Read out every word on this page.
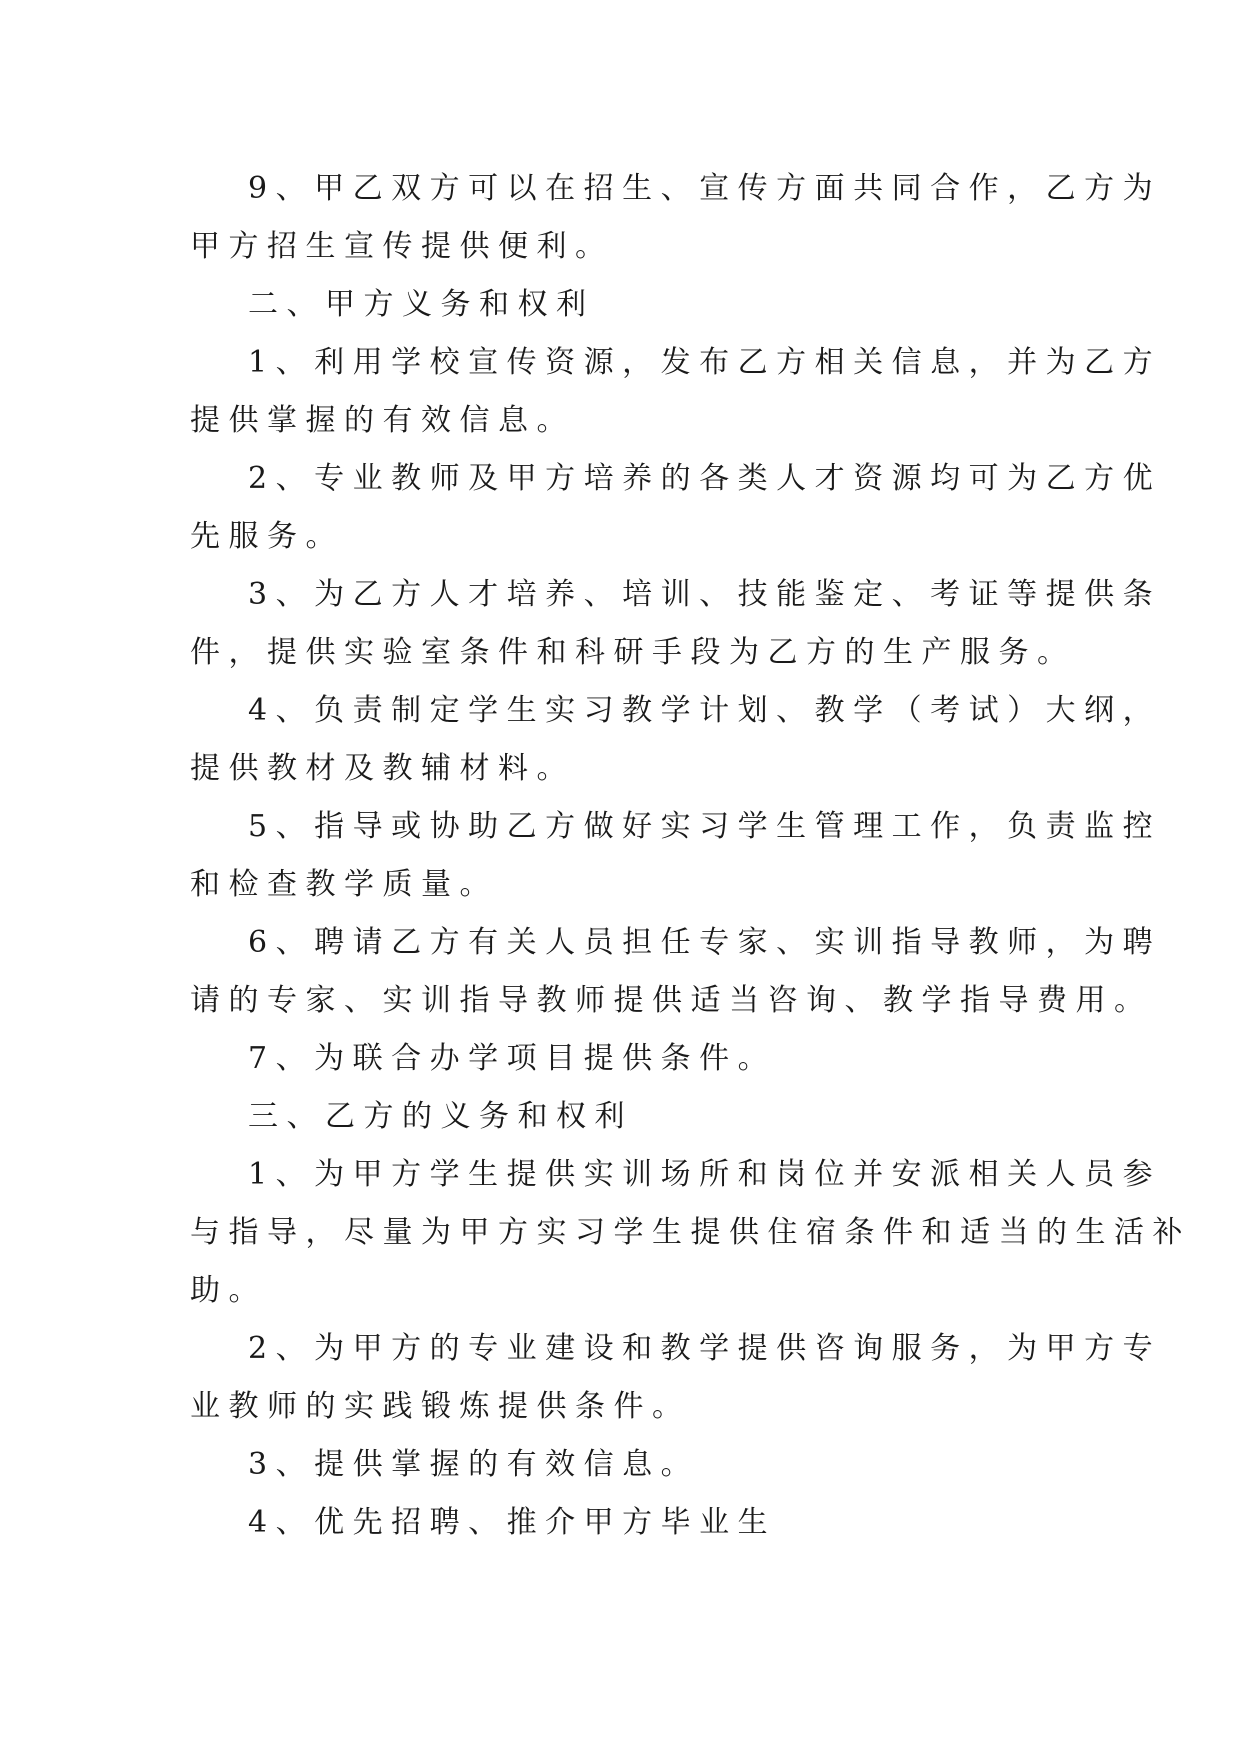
9、甲乙双方可以在招生、宣传方面共同合作，乙方为
甲方招生宣传提供便利。
二、甲方义务和权利
1、利用学校宣传资源，发布乙方相关信息，并为乙方
提供掌握的有效信息。
2、专业教师及甲方培养的各类人才资源均可为乙方优
先服务。
3、为乙方人才培养、培训、技能鉴定、考证等提供条
件，提供实验室条件和科研手段为乙方的生产服务。
4、负责制定学生实习教学计划、教学（考试）大纲，
提供教材及教辅材料。
5、指导或协助乙方做好实习学生管理工作，负责监控
和检查教学质量。
6、聘请乙方有关人员担任专家、实训指导教师，为聘
请的专家、实训指导教师提供适当咨询、教学指导费用。
7、为联合办学项目提供条件。
三、乙方的义务和权利
1、为甲方学生提供实训场所和岗位并安派相关人员参
与指导，尽量为甲方实习学生提供住宿条件和适当的生活补
助。
2、为甲方的专业建设和教学提供咨询服务，为甲方专
业教师的实践锻炼提供条件。
3、提供掌握的有效信息。
4、优先招聘、推介甲方毕业生
